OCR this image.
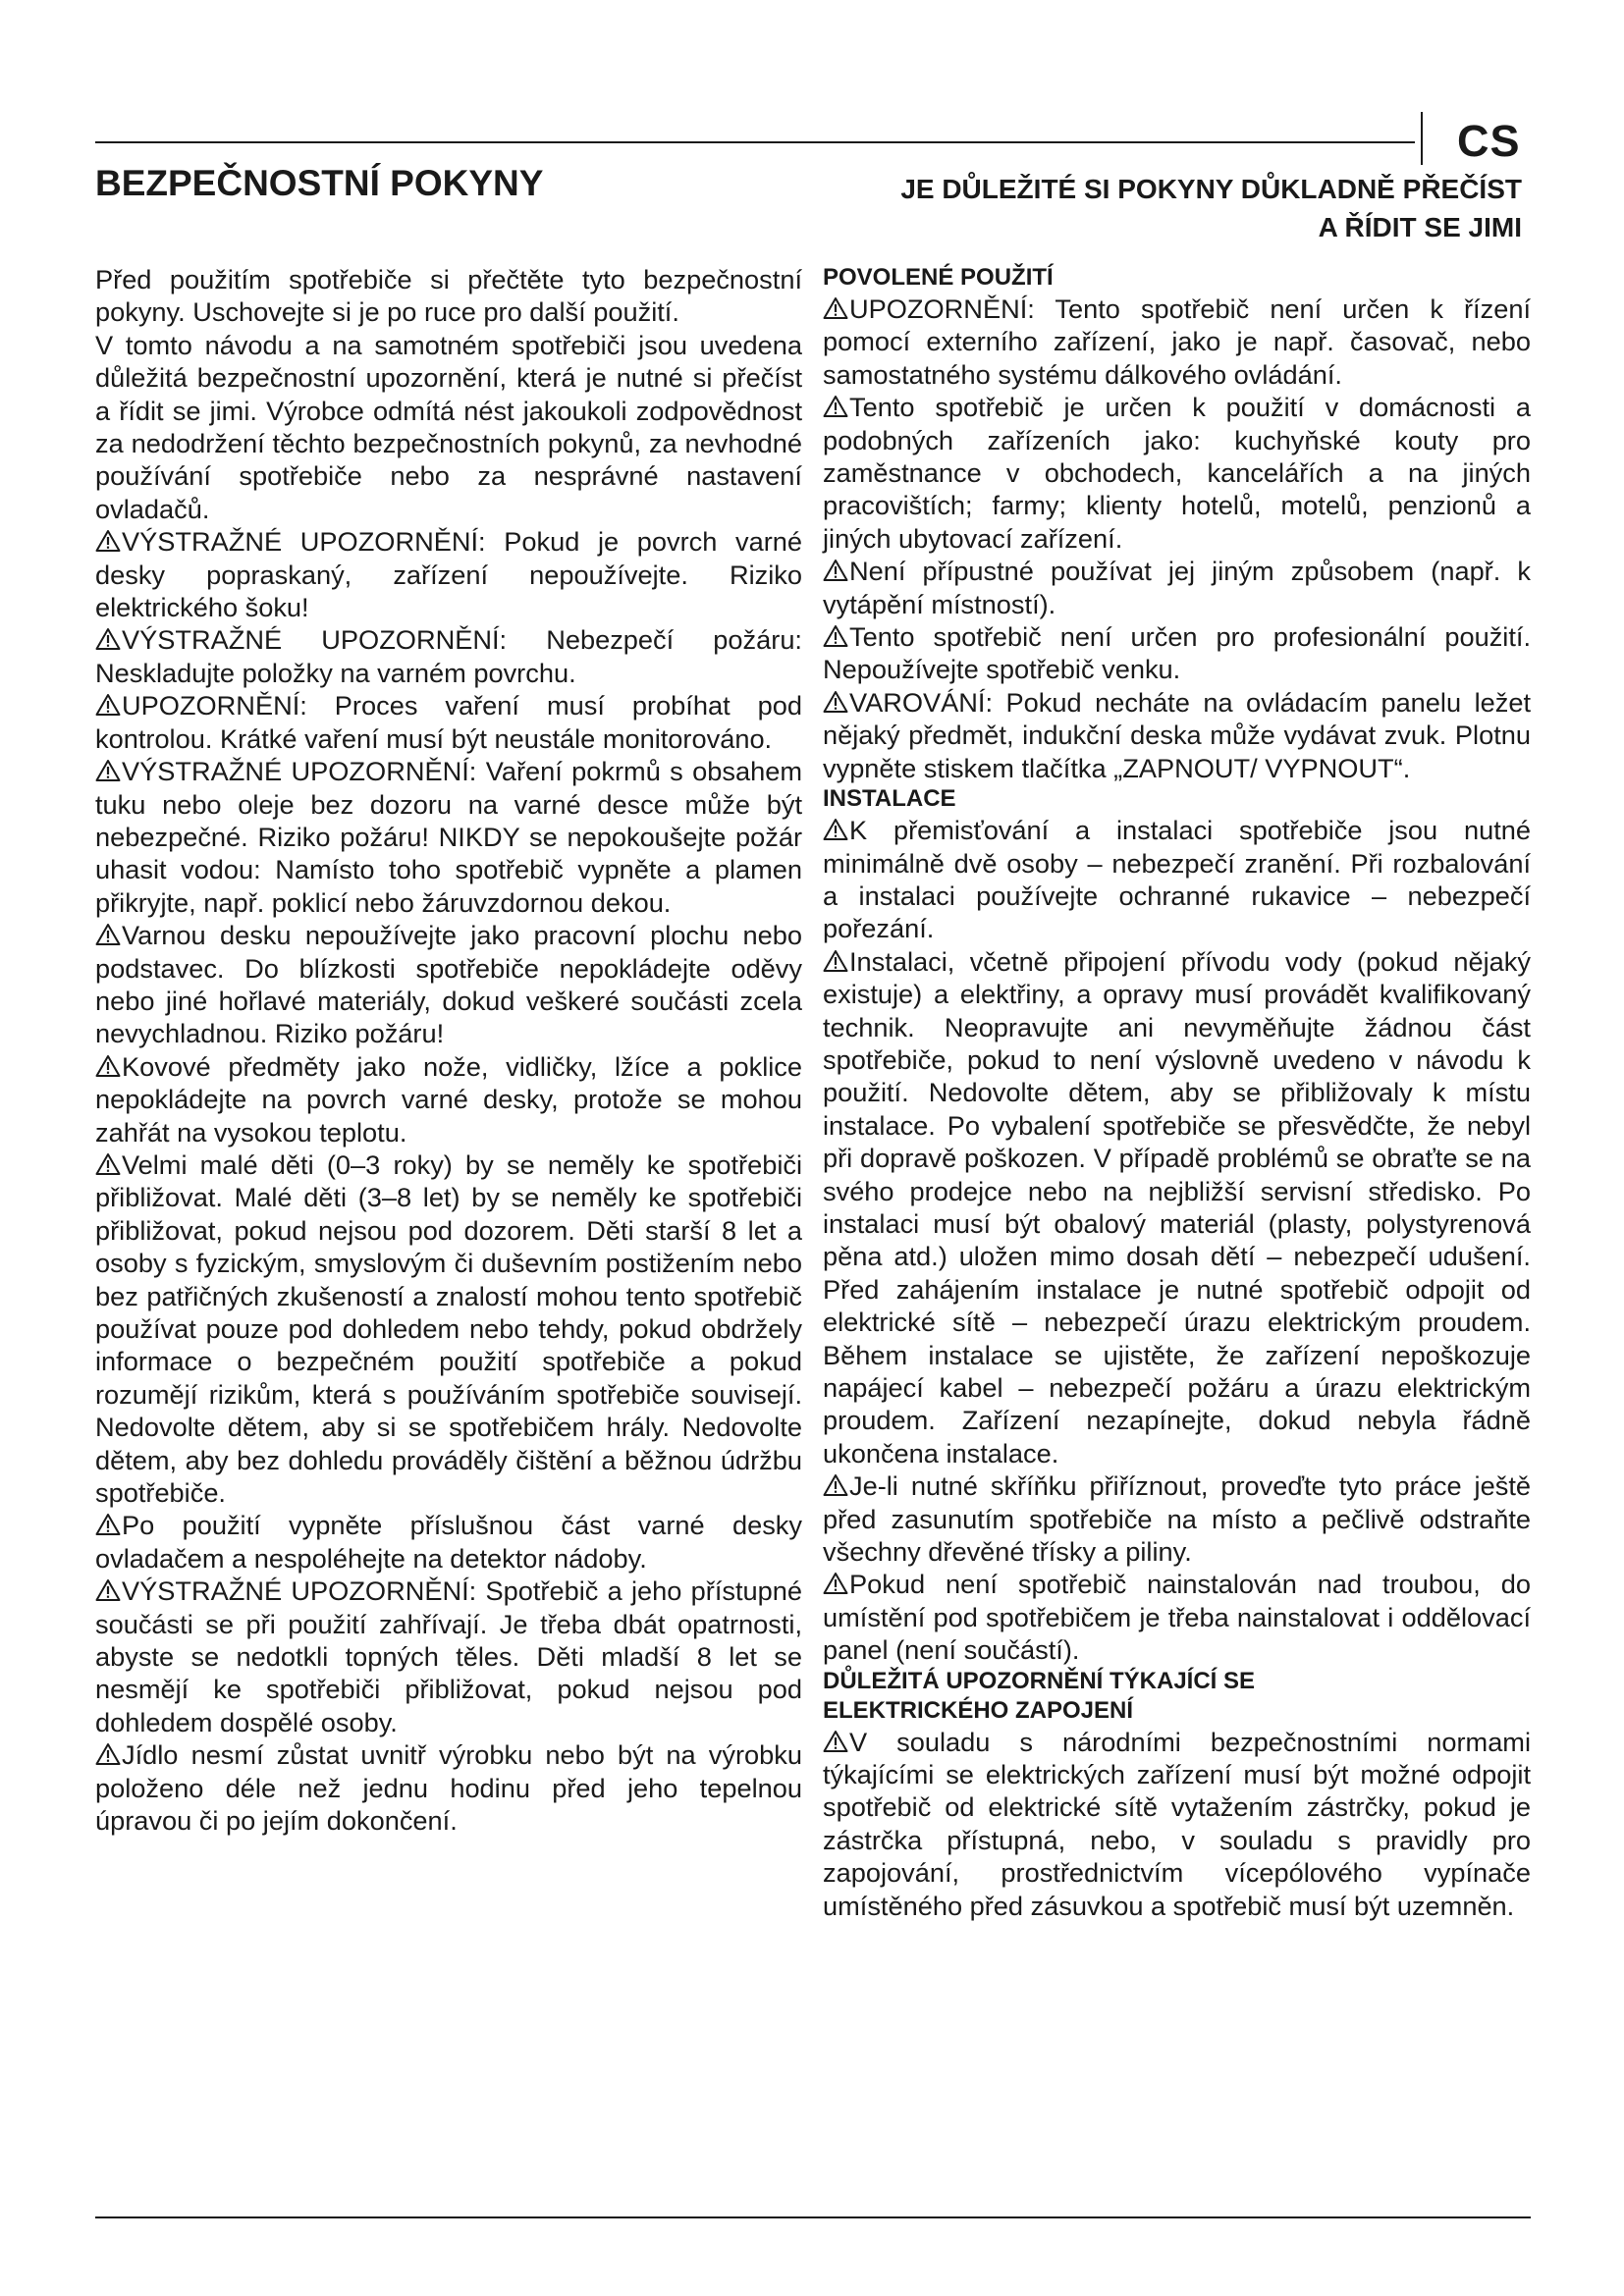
CS
BEZPEČNOSTNÍ POKYNY	JE DŮLEŽITÉ SI POKYNY DŮKLADNĚ PŘEČÍST
A ŘÍDIT SE JIMI

Před použitím spotřebiče si přečtěte tyto bezpečnostní pokyny. Uschovejte si je po ruce pro další použití.

V tomto návodu a na samotném spotřebiči jsou uvedena důležitá bezpečnostní upozornění, která je nutné si přečíst a řídit se jimi. Výrobce odmítá nést jakoukoli zodpovědnost za nedodržení těchto bezpečnostních pokynů, za nevhodné používání spotřebiče nebo za nesprávné nastavení ovladačů.

VÝSTRAŽNÉ UPOZORNĚNÍ: Pokud je povrch varné desky popraskaný, zařízení nepoužívejte. Riziko elektrického šoku!

VÝSTRAŽNÉ UPOZORNĚNÍ: Nebezpečí požáru: Neskladujte položky na varném povrchu.

UPOZORNĚNÍ: Proces vaření musí probíhat pod kontrolou. Krátké vaření musí být neustále monitorováno.

VÝSTRAŽNÉ UPOZORNĚNÍ: Vaření pokrmů s obsahem tuku nebo oleje bez dozoru na varné desce může být nebezpečné. Riziko požáru! NIKDY se nepokoušejte požár uhasit vodou: Namísto toho spotřebič vypněte a plamen přikryjte, např. poklicí nebo žáruvzdornou dekou.

Varnou desku nepoužívejte jako pracovní plochu nebo podstavec. Do blízkosti spotřebiče nepokládejte oděvy nebo jiné hořlavé materiály, dokud veškeré součásti zcela nevychladnou. Riziko požáru!

Kovové předměty jako nože, vidličky, lžíce a poklice nepokládejte na povrch varné desky, protože se mohou zahřát na vysokou teplotu.

Velmi malé děti (0–3 roky) by se neměly ke spotřebiči přibližovat. Malé děti (3–8 let) by se neměly ke spotřebiči přibližovat, pokud nejsou pod dozorem. Děti starší 8 let a osoby s fyzickým, smyslovým či duševním postižením nebo bez patřičných zkušeností a znalostí mohou tento spotřebič používat pouze pod dohledem nebo tehdy, pokud obdržely informace o bezpečném použití spotřebiče a pokud rozumějí rizikům, která s používáním spotřebiče souvisejí. Nedovolte dětem, aby si se spotřebičem hrály. Nedovolte dětem, aby bez dohledu prováděly čištění a běžnou údržbu spotřebiče.

Po použití vypněte příslušnou část varné desky ovladačem a nespoléhejte na detektor nádoby.

VÝSTRAŽNÉ UPOZORNĚNÍ: Spotřebič a jeho přístupné součásti se při použití zahřívají. Je třeba dbát opatrnosti, abyste se nedotkli topných těles. Děti mladší 8 let se nesmějí ke spotřebiči přibližovat, pokud nejsou pod dohledem dospělé osoby.

Jídlo nesmí zůstat uvnitř výrobku nebo být na výrobku položeno déle než jednu hodinu před jeho tepelnou úpravou či po jejím dokončení.

POVOLENÉ POUŽITÍ

UPOZORNĚNÍ: Tento spotřebič není určen k řízení pomocí externího zařízení, jako je např. časovač, nebo samostatného systému dálkového ovládání.

Tento spotřebič je určen k použití v domácnosti a podobných zařízeních jako: kuchyňské kouty pro zaměstnance v obchodech, kancelářích a na jiných pracovištích; farmy; klienty hotelů, motelů, penzionů a jiných ubytovací zařízení.

Není přípustné používat jej jiným způsobem (např. k vytápění místností).

Tento spotřebič není určen pro profesionální použití. Nepoužívejte spotřebič venku.

VAROVÁNÍ: Pokud necháte na ovládacím panelu ležet nějaký předmět, indukční deska může vydávat zvuk. Plotnu vypněte stiskem tlačítka „ZAPNOUT/ VYPNOUT“.

INSTALACE

K přemisťování a instalaci spotřebiče jsou nutné minimálně dvě osoby – nebezpečí zranění. Při rozbalování a instalaci používejte ochranné rukavice – nebezpečí pořezání.

Instalaci, včetně připojení přívodu vody (pokud nějaký existuje) a elektřiny, a opravy musí provádět kvalifikovaný technik. Neopravujte ani nevyměňujte žádnou část spotřebiče, pokud to není výslovně uvedeno v návodu k použití. Nedovolte dětem, aby se přibližovaly k místu instalace. Po vybalení spotřebiče se přesvědčte, že nebyl při dopravě poškozen. V případě problémů se obraťte se na svého prodejce nebo na nejbližší servisní středisko. Po instalaci musí být obalový materiál (plasty, polystyrenová pěna atd.) uložen mimo dosah dětí – nebezpečí udušení. Před zahájením instalace je nutné spotřebič odpojit od elektrické sítě – nebezpečí úrazu elektrickým proudem. Během instalace se ujistěte, že zařízení nepoškozuje napájecí kabel – nebezpečí požáru a úrazu elektrickým proudem. Zařízení nezapínejte, dokud nebyla řádně ukončena instalace.

Je-li nutné skříňku přiříznout, proveďte tyto práce ještě před zasunutím spotřebiče na místo a pečlivě odstraňte všechny dřevěné třísky a piliny.

Pokud není spotřebič nainstalován nad troubou, do umístění pod spotřebičem je třeba nainstalovat i oddělovací panel (není součástí).

DŮLEŽITÁ UPOZORNĚNÍ TÝKAJÍCÍ SE
ELEKTRICKÉHO ZAPOJENÍ

V souladu s národními bezpečnostními normami týkajícími se elektrických zařízení musí být možné odpojit spotřebič od elektrické sítě vytažením zástrčky, pokud je zástrčka přístupná, nebo, v souladu s pravidly pro zapojování, prostřednictvím vícepólového vypínače umístěného před zásuvkou a spotřebič musí být uzemněn.
